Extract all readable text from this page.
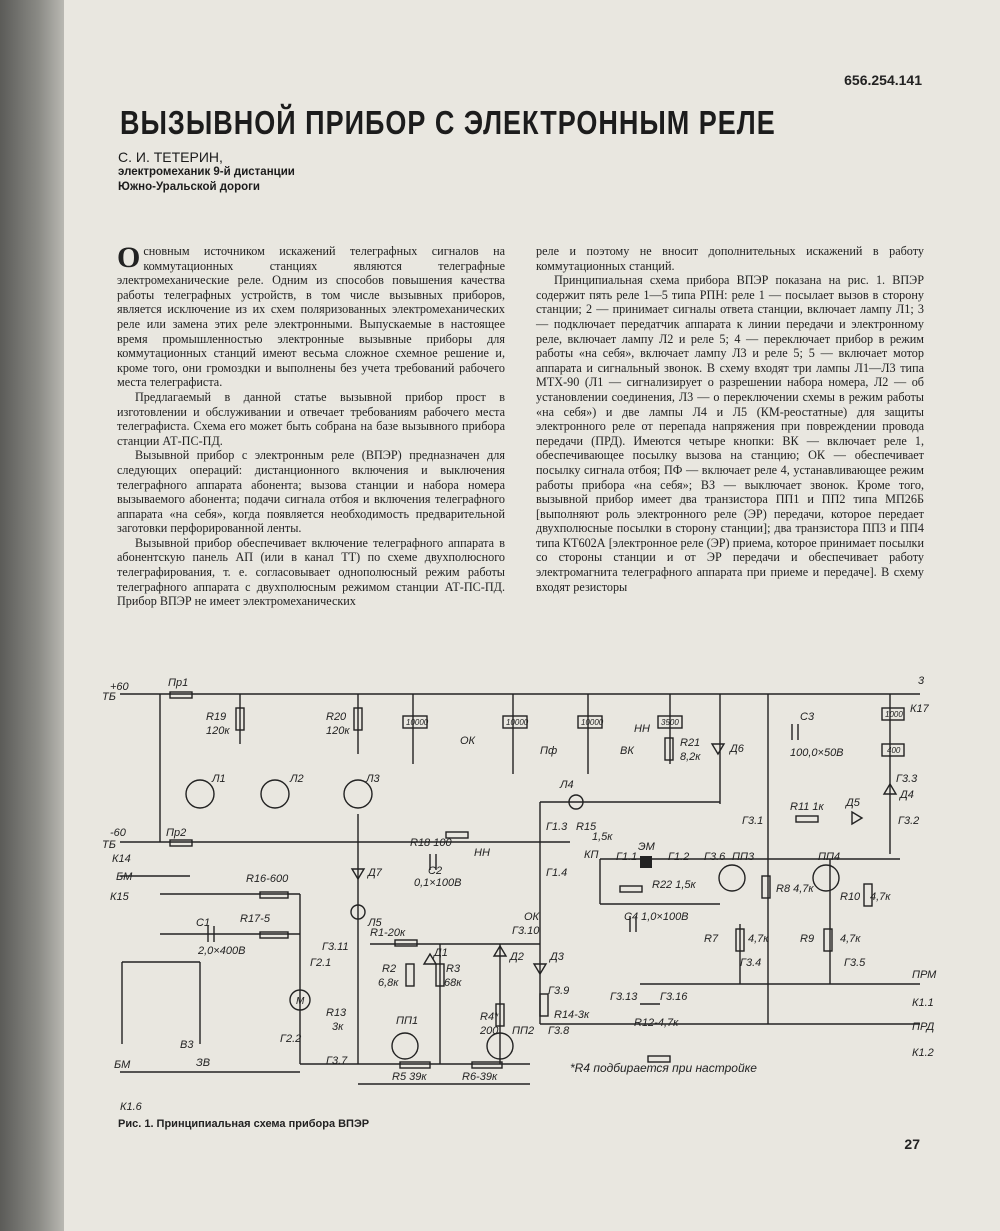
656.254.141
ВЫЗЫВНОЙ ПРИБОР С ЭЛЕКТРОННЫМ РЕЛЕ
С. И. ТЕТЕРИН,
электромеханик 9-й дистанции
Южно-Уральской дороги

Основным источником искажений телеграфных сигналов на коммутационных станциях являются телеграфные электромеханические реле. Одним из способов повышения качества работы телеграфных устройств, в том числе вызывных приборов, является исключение из их схем поляризованных электромеханических реле или замена этих реле электронными. Выпускаемые в настоящее время промышленностью электронные вызывные приборы для коммутационных станций имеют весьма сложное схемное решение и, кроме того, они громоздки и выполнены без учета требований рабочего места телеграфиста.

Предлагаемый в данной статье вызывной прибор прост в изготовлении и обслуживании и отвечает требованиям рабочего места телеграфиста. Схема его может быть собрана на базе вызывного прибора станции АТ-ПС-ПД.

Вызывной прибор с электронным реле (ВПЭР) предназначен для следующих операций: дистанционного включения и выключения телеграфного аппарата абонента; вызова станции и набора номера вызываемого абонента; подачи сигнала отбоя и включения телеграфного аппарата «на себя», когда появляется необходимость предварительной заготовки перфорированной ленты.

Вызывной прибор обеспечивает включение телеграфного аппарата в абонентскую панель АП (или в канал ТТ) по схеме двухполюсного телеграфирования, т. е. согласовывает однополюсный режим работы телеграфного аппарата с двухполюсным режимом станции АТ-ПС-ПД. Прибор ВПЭР не имеет электромеханических

реле и поэтому не вносит дополнительных искажений в работу коммутационных станций.

Принципиальная схема прибора ВПЭР показана на рис. 1. ВПЭР содержит пять реле 1—5 типа РПН: реле 1 — посылает вызов в сторону станции; 2 — принимает сигналы ответа станции, включает лампу Л1; 3 — подключает передатчик аппарата к линии передачи и электронному реле, включает лампу Л2 и реле 5; 4 — переключает прибор в режим работы «на себя», включает лампу Л3 и реле 5; 5 — включает мотор аппарата и сигнальный звонок. В схему входят три лампы Л1—Л3 типа МТХ-90 (Л1 — сигнализирует о разрешении набора номера, Л2 — об установлении соединения, Л3 — о переключении схемы в режим работы «на себя») и две лампы Л4 и Л5 (КМ-реостатные) для защиты электронного реле от перепада напряжения при повреждении провода передачи (ПРД). Имеются четыре кнопки: ВК — включает реле 1, обеспечивающее посылку вызова на станцию; ОК — обеспечивает посылку сигнала отбоя; ПФ — включает реле 4, устанавливающее режим работы прибора «на себя»; ВЗ — выключает звонок. Кроме того, вызывной прибор имеет два транзистора ПП1 и ПП2 типа МП26Б [выполняют роль электронного реле (ЭР) передачи, которое передает двухполюсные посылки в сторону станции]; два транзистора ПП3 и ПП4 типа КТ602А [электронное реле (ЭР) приема, которое принимает посылки со стороны станции и от ЭР передачи и обеспечивает работу электромагнита телеграфного аппарата при приеме и передаче]. В схему входят резисторы

+60
ТБ
Пр1
-60
ТБ
Пр2
К14
БМ
К15
БМ
К1.6
R19
120к
R20
120к
Л1	Л2	Л3	Л4
Л5
10000	10000	10000	3500
1000
400
ОК
Пф	ВК
НН
НН
ОК
R21
8,2к
Д6
С3
100,0×50В
К17
Г3.3
Д4
Д5
R11 1к
Г3.1	Г3.2
Г1.3
Г1.4
R15
1,5к
КП
ЭМ
Г1.1	Г1.2 Г3.6 ПП3	ПП4
R22 1,5к
С4 1,0×100В
R8 4,7к
R10 4,7к
R7	4,7к	R9 4,7к
Г3.4	Г3.5
R18 100
С2
0,1×100В
R16-600
С1	R17-5
2,0×400В
Г2.1
Г2.2
Г3.11
R1-20к
R2
6,8к
R3
68к
Д1	Д2 Д3
Д7
R13
3к
R4*
200
R14-3к
Г3.10
Г3.9
Г3.8
Г3.13 Г3.16
R12-4,7к
ПП1
ПП2
Г3.7
R5 39к	R6-39к
В3
ЗВ
М
ПРМ
К1.1
ПРД
К1.2
3
*R4 подбирается при настройке
Рис. 1. Принципиальная схема прибора ВПЭР
27
